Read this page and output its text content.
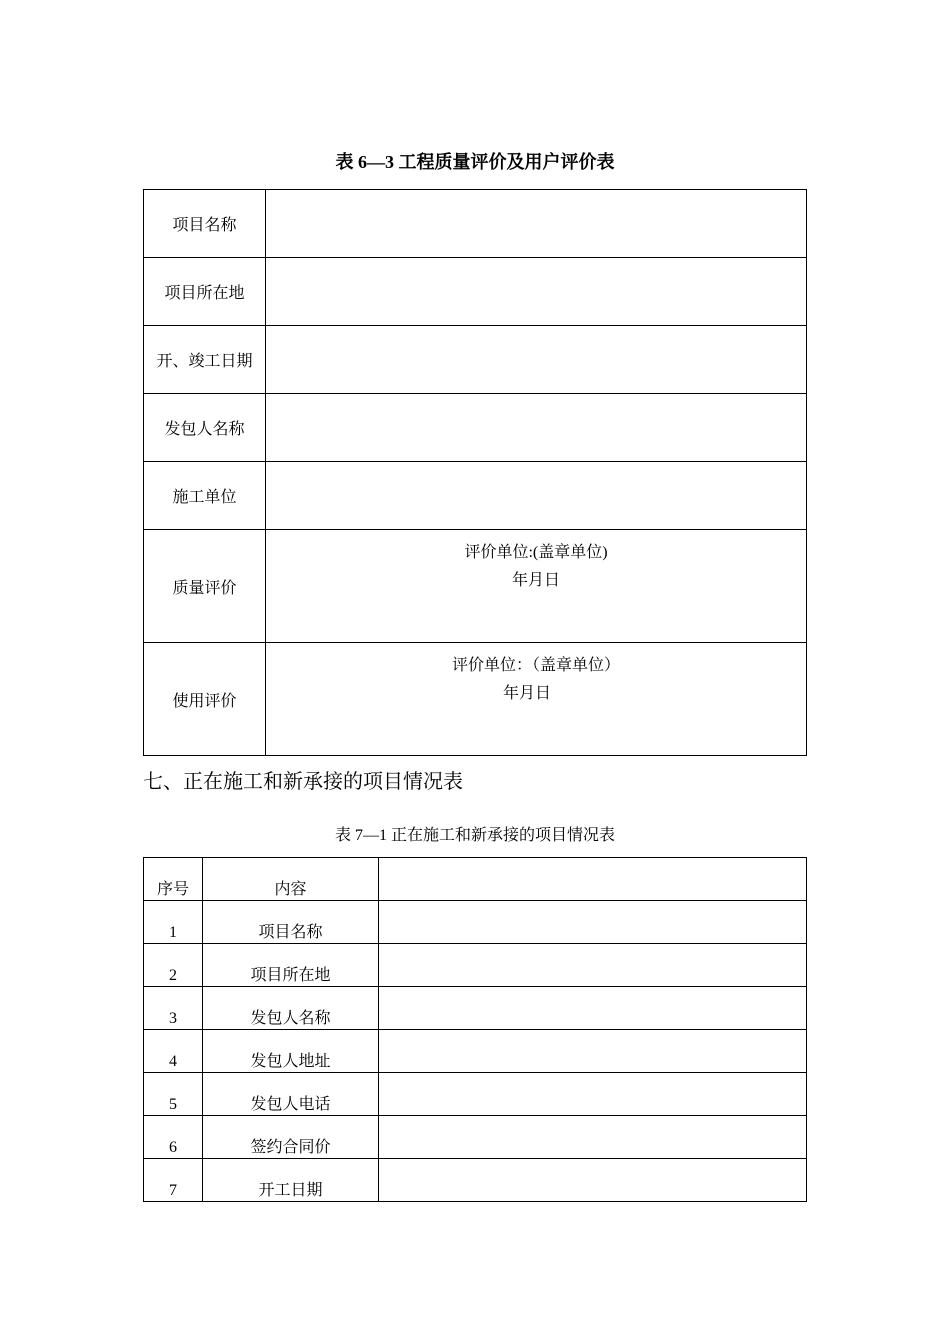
表 6—3 工程质量评价及用户评价表
项目名称	
项目所在地	
开、竣工日期	
发包人名称	
施工单位	
质量评价	评价单位:(盖章单位)
年月日

使用评价	评价单位：（盖章单位）
年月日
七、正在施工和新承接的项目情况表
表 7—1 正在施工和新承接的项目情况表
序号	内容	
1	项目名称	
2	项目所在地	
3	发包人名称	
4	发包人地址	
5	发包人电话	
6	签约合同价	
7	开工日期	
